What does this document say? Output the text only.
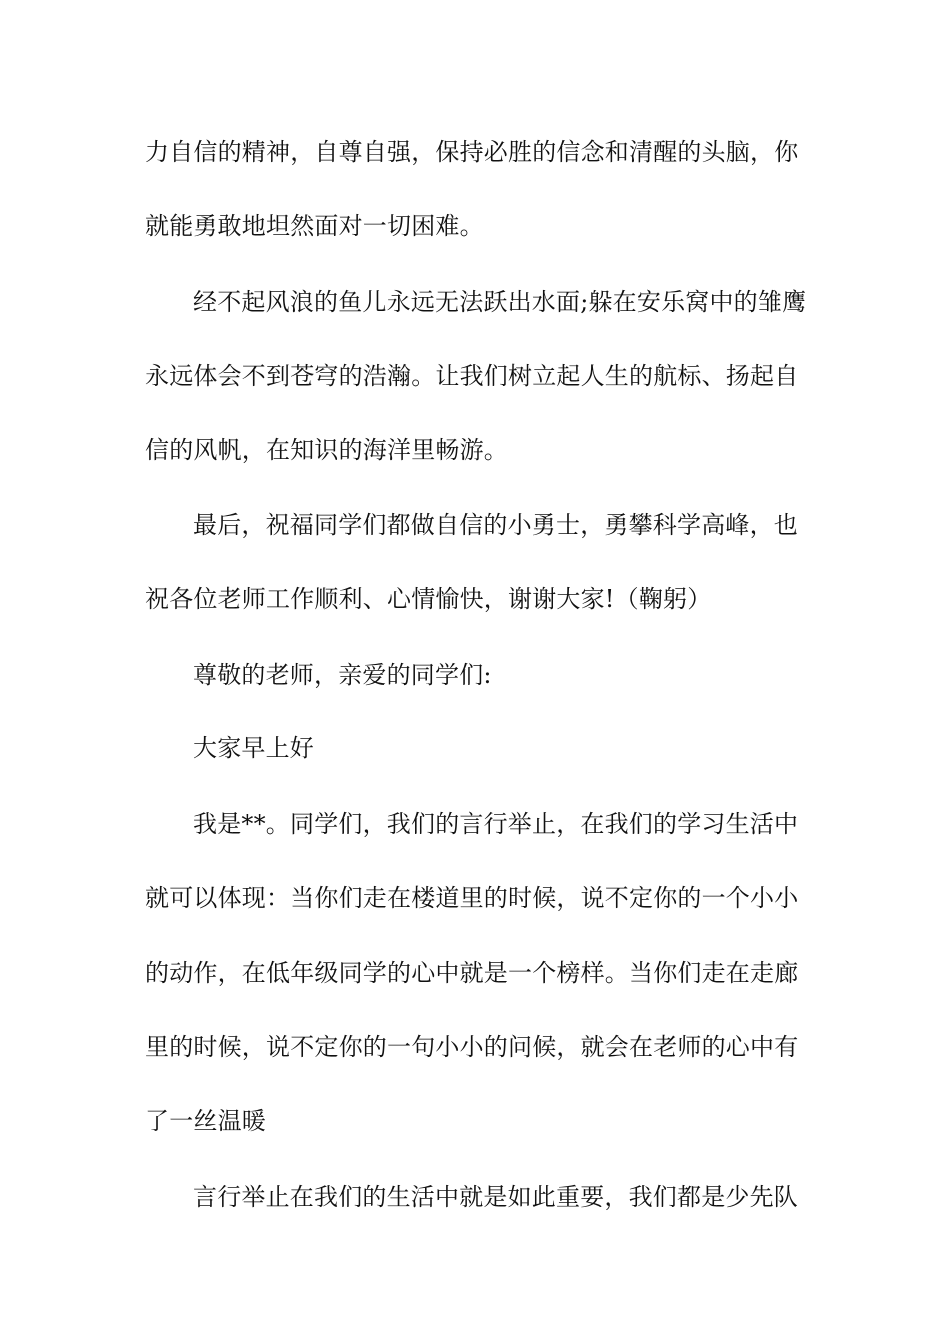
力自信的精神，自尊自强，保持必胜的信念和清醒的头脑，你
就能勇敢地坦然面对一切困难。
经不起风浪的鱼儿永远无法跃出水面;躲在安乐窝中的雏鹰
永远体会不到苍穹的浩瀚。让我们树立起人生的航标、扬起自
信的风帆，在知识的海洋里畅游。
最后，祝福同学们都做自信的小勇士，勇攀科学高峰，也
祝各位老师工作顺利、心情愉快，谢谢大家!（鞠躬）
尊敬的老师，亲爱的同学们:
大家早上好
我是**。同学们，我们的言行举止，在我们的学习生活中
就可以体现：当你们走在楼道里的时候，说不定你的一个小小
的动作，在低年级同学的心中就是一个榜样。当你们走在走廊
里的时候，说不定你的一句小小的问候，就会在老师的心中有
了一丝温暖
言行举止在我们的生活中就是如此重要，我们都是少先队
